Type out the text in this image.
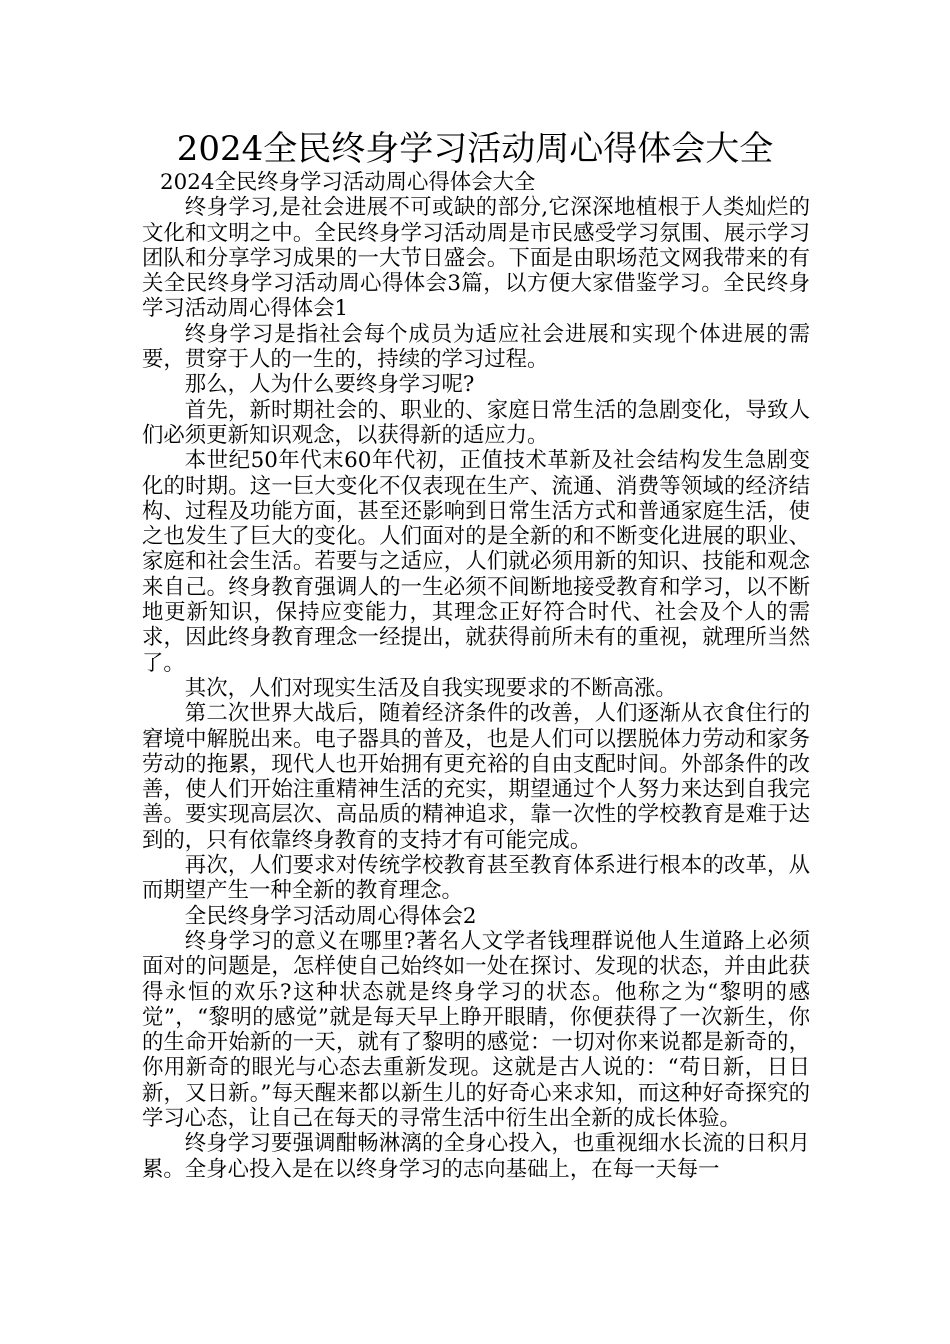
2024全民终身学习活动周心得体会大全

2024全民终身学习活动周心得体会大全

终身学习,是社会进展不可或缺的部分,它深深地植根于人类灿烂的文化和文明之中。全民终身学习活动周是市民感受学习氛围、展示学习团队和分享学习成果的一大节日盛会。下面是由职场范文网我带来的有关全民终身学习活动周心得体会3篇，以方便大家借鉴学习。全民终身学习活动周心得体会1

终身学习是指社会每个成员为适应社会进展和实现个体进展的需要，贯穿于人的一生的，持续的学习过程。

那么，人为什么要终身学习呢?

首先，新时期社会的、职业的、家庭日常生活的急剧变化，导致人们必须更新知识观念，以获得新的适应力。

本世纪50年代末60年代初，正值技术革新及社会结构发生急剧变化的时期。这一巨大变化不仅表现在生产、流通、消费等领域的经济结构、过程及功能方面，甚至还影响到日常生活方式和普通家庭生活，使之也发生了巨大的变化。人们面对的是全新的和不断变化进展的职业、家庭和社会生活。若要与之适应，人们就必须用新的知识、技能和观念来自己。终身教育强调人的一生必须不间断地接受教育和学习，以不断地更新知识，保持应变能力，其理念正好符合时代、社会及个人的需求，因此终身教育理念一经提出，就获得前所未有的重视，就理所当然了。

其次，人们对现实生活及自我实现要求的不断高涨。

第二次世界大战后，随着经济条件的改善，人们逐渐从衣食住行的窘境中解脱出来。电子器具的普及，也是人们可以摆脱体力劳动和家务劳动的拖累，现代人也开始拥有更充裕的自由支配时间。外部条件的改善，使人们开始注重精神生活的充实，期望通过个人努力来达到自我完善。要实现高层次、高品质的精神追求，靠一次性的学校教育是难于达到的，只有依靠终身教育的支持才有可能完成。

再次，人们要求对传统学校教育甚至教育体系进行根本的改革，从而期望产生一种全新的教育理念。

全民终身学习活动周心得体会2

终身学习的意义在哪里?著名人文学者钱理群说他人生道路上必须面对的问题是，怎样使自己始终如一处在探讨、发现的状态，并由此获得永恒的欢乐?这种状态就是终身学习的状态。他称之为“黎明的感觉”，“黎明的感觉”就是每天早上睁开眼睛，你便获得了一次新生，你的生命开始新的一天，就有了黎明的感觉：一切对你来说都是新奇的，你用新奇的眼光与心态去重新发现。这就是古人说的：“苟日新，日日新，又日新。”每天醒来都以新生儿的好奇心来求知，而这种好奇探究的学习心态，让自己在每天的寻常生活中衍生出全新的成长体验。

终身学习要强调酣畅淋漓的全身心投入，也重视细水长流的日积月累。全身心投入是在以终身学习的志向基础上，在每一天每一
